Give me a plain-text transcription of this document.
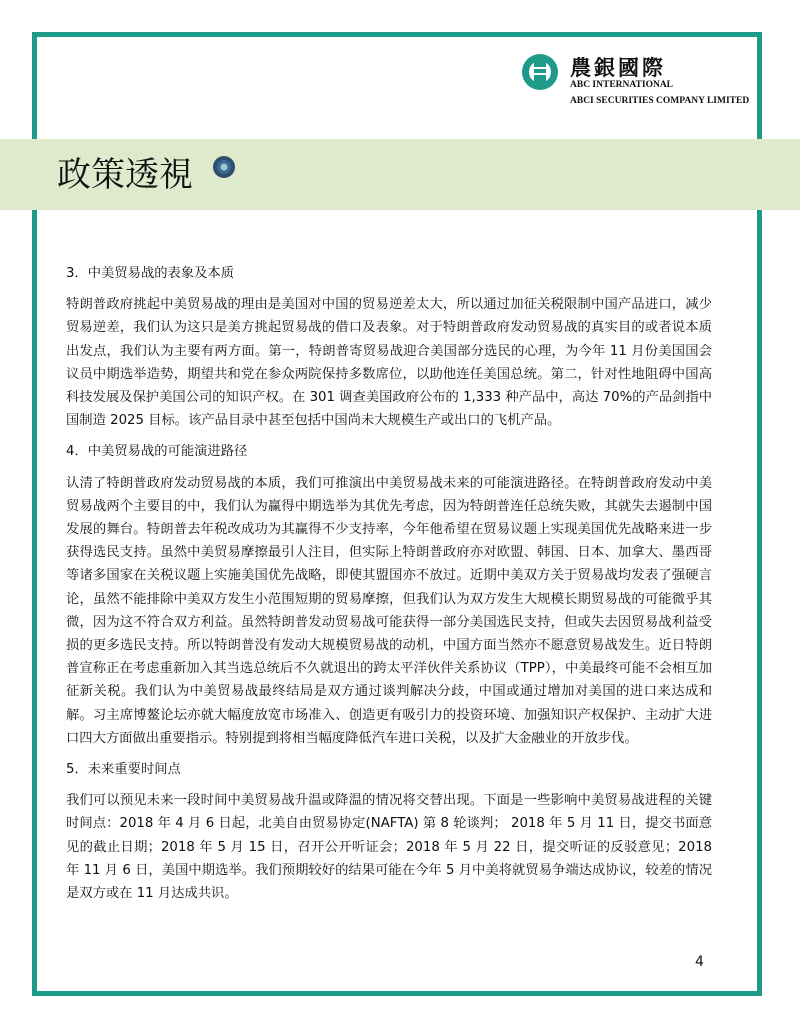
農銀國際
ABC INTERNATIONAL
ABCI SECURITIES COMPANY LIMITED
政策透視

3．中美贸易战的表象及本质

特朗普政府挑起中美贸易战的理由是美国对中国的贸易逆差太大，所以通过加征关税限制中国产品进口，减少贸易逆差，我们认为这只是美方挑起贸易战的借口及表象。对于特朗普政府发动贸易战的真实目的或者说本质出发点，我们认为主要有两方面。第一，特朗普寄贸易战迎合美国部分选民的心理，为今年 11 月份美国国会议员中期选举造势，期望共和党在参众两院保持多数席位，以助他连任美国总统。第二，针对性地阻碍中国高科技发展及保护美国公司的知识产权。在 301 调查美国政府公布的 1,333 种产品中，高达 70%的产品剑指中国制造 2025 目标。该产品目录中甚至包括中国尚未大规模生产或出口的飞机产品。

4．中美贸易战的可能演进路径

认清了特朗普政府发动贸易战的本质，我们可推演出中美贸易战未来的可能演进路径。在特朗普政府发动中美贸易战两个主要目的中，我们认为赢得中期选举为其优先考虑，因为特朗普连任总统失败，其就失去遏制中国发展的舞台。特朗普去年税改成功为其赢得不少支持率，今年他希望在贸易议题上实现美国优先战略来进一步获得选民支持。虽然中美贸易摩擦最引人注目，但实际上特朗普政府亦对欧盟、韩国、日本、加拿大、墨西哥等诸多国家在关税议题上实施美国优先战略，即使其盟国亦不放过。近期中美双方关于贸易战均发表了强硬言论，虽然不能排除中美双方发生小范围短期的贸易摩擦，但我们认为双方发生大规模长期贸易战的可能微乎其微，因为这不符合双方利益。虽然特朗普发动贸易战可能获得一部分美国选民支持，但或失去因贸易战利益受损的更多选民支持。所以特朗普没有发动大规模贸易战的动机，中国方面当然亦不愿意贸易战发生。近日特朗普宣称正在考虑重新加入其当选总统后不久就退出的跨太平洋伙伴关系协议（TPP），中美最终可能不会相互加征新关税。我们认为中美贸易战最终结局是双方通过谈判解决分歧，中国或通过增加对美国的进口来达成和解。习主席博鳌论坛亦就大幅度放宽市场准入、创造更有吸引力的投资环境、加强知识产权保护、主动扩大进口四大方面做出重要指示。特别提到将相当幅度降低汽车进口关税，以及扩大金融业的开放步伐。

5．未来重要时间点

我们可以预见未来一段时间中美贸易战升温或降温的情况将交替出现。下面是一些影响中美贸易战进程的关键时间点：2018 年 4 月 6 日起，北美自由贸易协定(NAFTA) 第 8 轮谈判； 2018 年 5 月 11 日，提交书面意见的截止日期；2018 年 5 月 15 日，召开公开听证会；2018 年 5 月 22 日，提交听证的反驳意见；2018 年 11 月 6 日，美国中期选举。我们预期较好的结果可能在今年 5 月中美将就贸易争端达成协议，较差的情况是双方或在 11 月达成共识。

4
